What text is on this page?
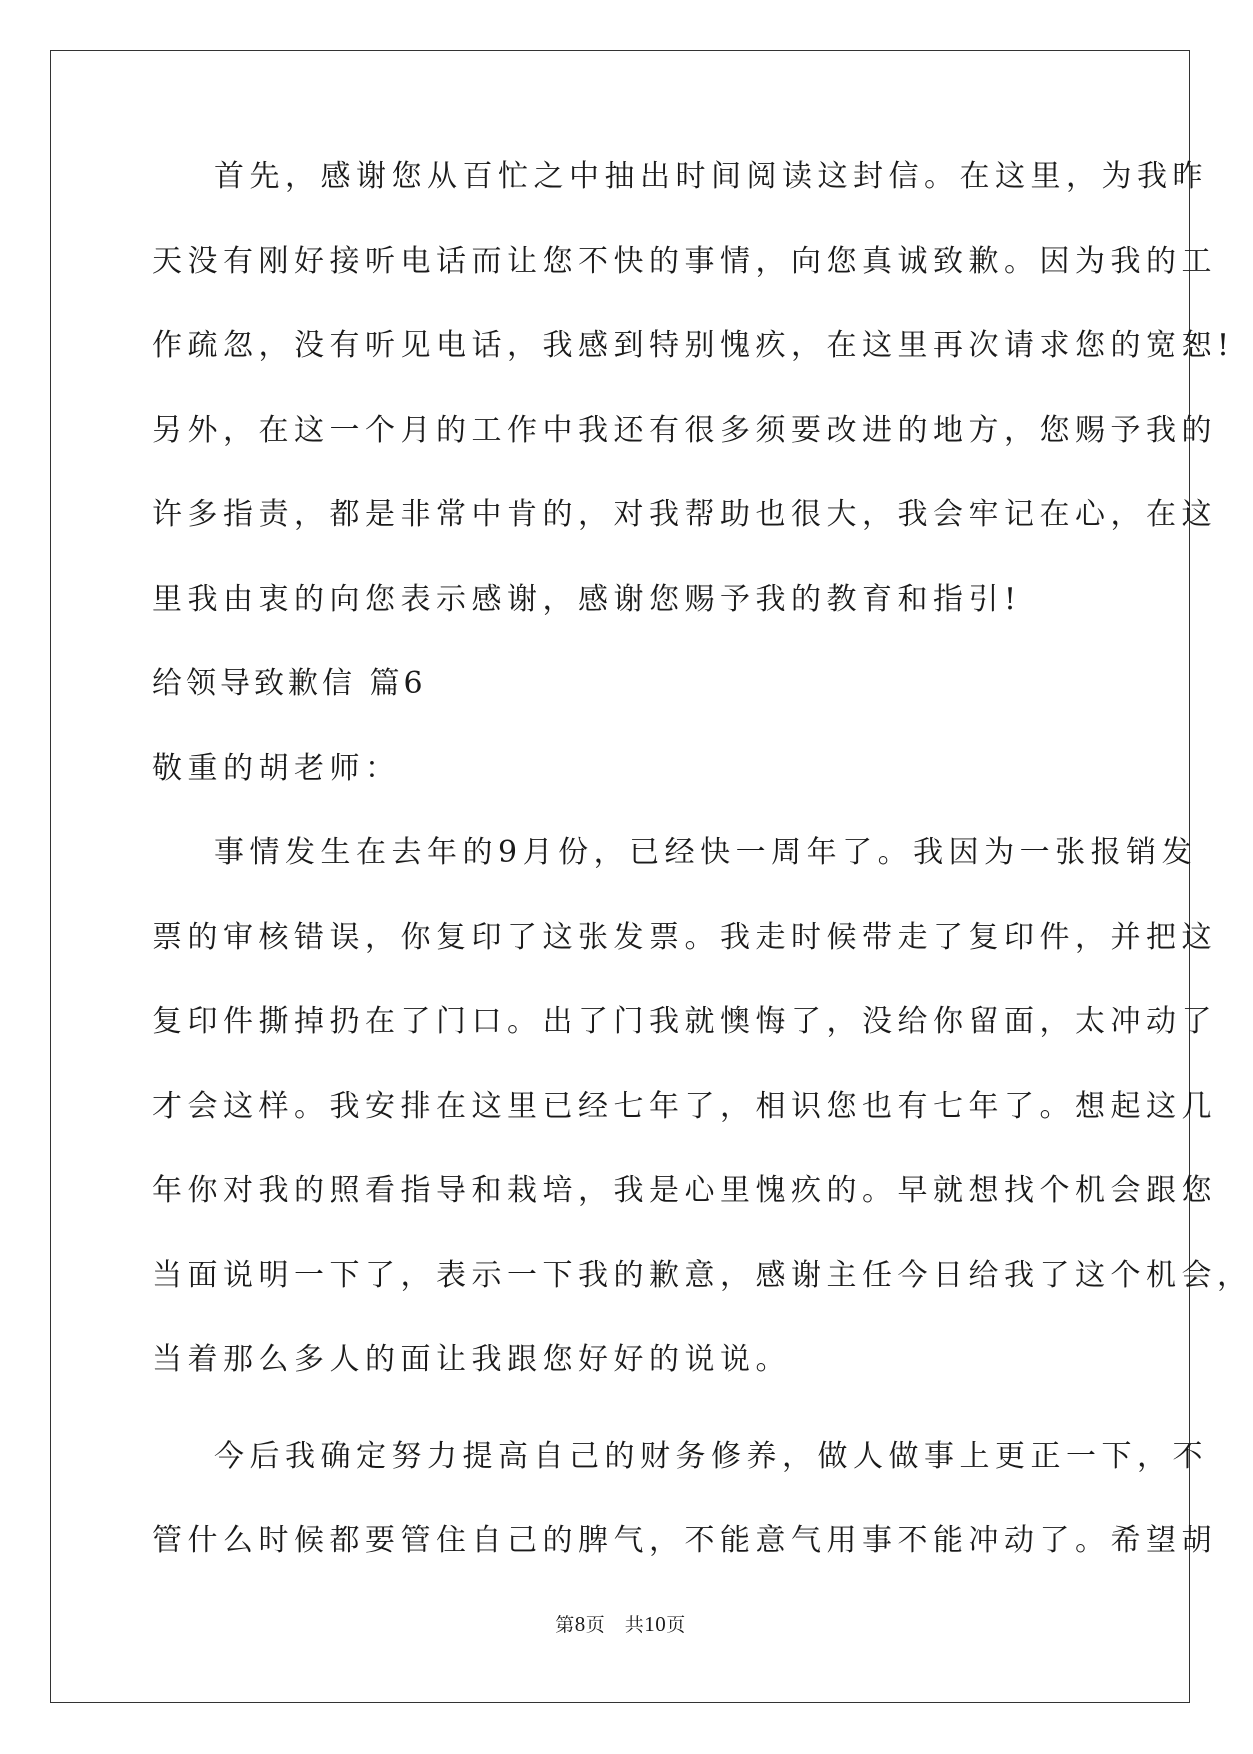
首先，感谢您从百忙之中抽出时间阅读这封信。在这里，为我昨
天没有刚好接听电话而让您不快的事情，向您真诚致歉。因为我的工
作疏忽，没有听见电话，我感到特别愧疚，在这里再次请求您的宽恕!
另外，在这一个月的工作中我还有很多须要改进的地方，您赐予我的
许多指责，都是非常中肯的，对我帮助也很大，我会牢记在心，在这
里我由衷的向您表示感谢，感谢您赐予我的教育和指引!
给领导致歉信 篇6
敬重的胡老师：
事情发生在去年的9月份，已经快一周年了。我因为一张报销发
票的审核错误，你复印了这张发票。我走时候带走了复印件，并把这
复印件撕掉扔在了门口。出了门我就懊悔了，没给你留面，太冲动了
才会这样。我安排在这里已经七年了，相识您也有七年了。想起这几
年你对我的照看指导和栽培，我是心里愧疚的。早就想找个机会跟您
当面说明一下了，表示一下我的歉意，感谢主任今日给我了这个机会，
当着那么多人的面让我跟您好好的说说。
今后我确定努力提高自己的财务修养，做人做事上更正一下，不
管什么时候都要管住自己的脾气，不能意气用事不能冲动了。希望胡
第8页　共10页
